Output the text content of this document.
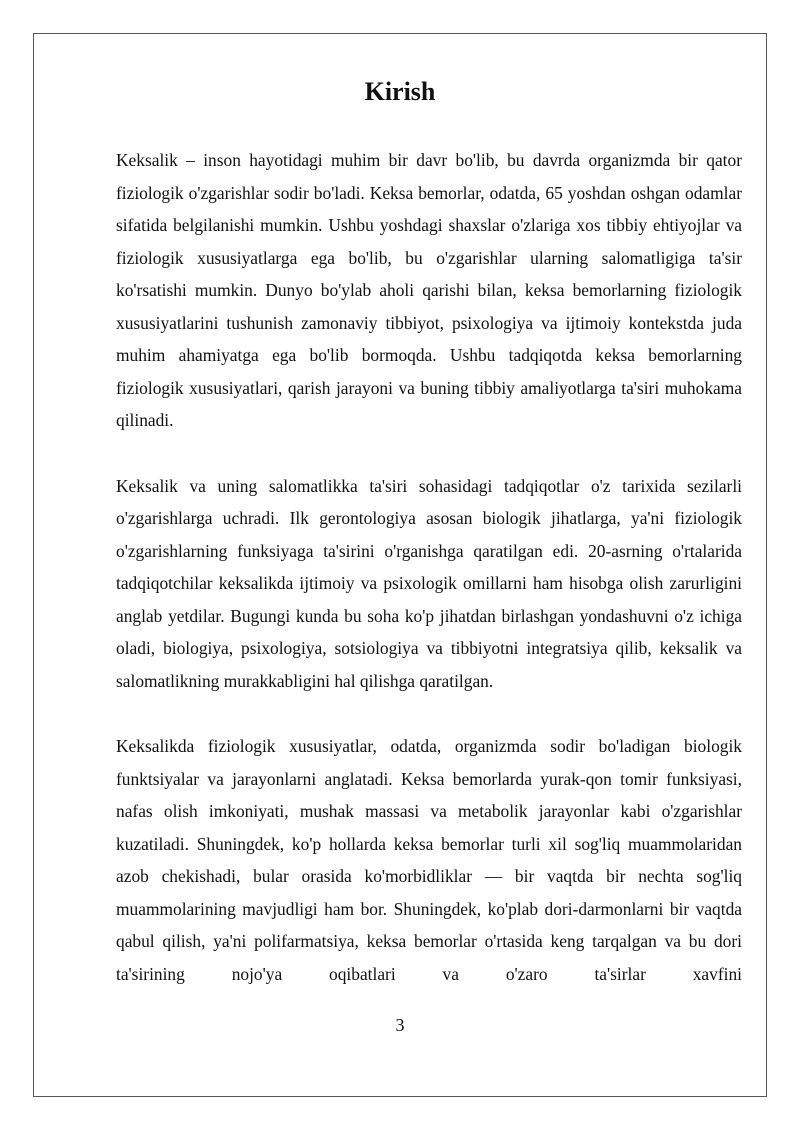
Kirish

Keksalik – inson hayotidagi muhim bir davr bo'lib, bu davrda organizmda bir qator fiziologik o'zgarishlar sodir bo'ladi. Keksa bemorlar, odatda, 65 yoshdan oshgan odamlar sifatida belgilanishi mumkin. Ushbu yoshdagi shaxslar o'zlariga xos tibbiy ehtiyojlar va fiziologik xususiyatlarga ega bo'lib, bu o'zgarishlar ularning salomatligiga ta'sir ko'rsatishi mumkin. Dunyo bo'ylab aholi qarishi bilan, keksa bemorlarning fiziologik xususiyatlarini tushunish zamonaviy tibbiyot, psixologiya va ijtimoiy kontekstda juda muhim ahamiyatga ega bo'lib bormoqda. Ushbu tadqiqotda keksa bemorlarning fiziologik xususiyatlari, qarish jarayoni va buning tibbiy amaliyotlarga ta'siri muhokama qilinadi.

Keksalik va uning salomatlikka ta'siri sohasidagi tadqiqotlar o'z tarixida sezilarli o'zgarishlarga uchradi. Ilk gerontologiya asosan biologik jihatlarga, ya'ni fiziologik o'zgarishlarning funksiyaga ta'sirini o'rganishga qaratilgan edi. 20-asrning o'rtalarida tadqiqotchilar keksalikda ijtimoiy va psixologik omillarni ham hisobga olish zarurligini anglab yetdilar. Bugungi kunda bu soha ko'p jihatdan birlashgan yondashuvni o'z ichiga oladi, biologiya, psixologiya, sotsiologiya va tibbiyotni integratsiya qilib, keksalik va salomatlikning murakkabligini hal qilishga qaratilgan.

Keksalikda fiziologik xususiyatlar, odatda, organizmda sodir bo'ladigan biologik funktsiyalar va jarayonlarni anglatadi. Keksa bemorlarda yurak-qon tomir funksiyasi, nafas olish imkoniyati, mushak massasi va metabolik jarayonlar kabi o'zgarishlar kuzatiladi. Shuningdek, ko'p hollarda keksa bemorlar turli xil sog'liq muammolaridan azob chekishadi, bular orasida ko'morbidliklar — bir vaqtda bir nechta sog'liq muammolarining mavjudligi ham bor. Shuningdek, ko'plab dori-darmonlarni bir vaqtda qabul qilish, ya'ni polifarmatsiya, keksa bemorlar o'rtasida keng tarqalgan va bu dori ta'sirining nojo'ya oqibatlari va o'zaro ta'sirlar xavfini

3
